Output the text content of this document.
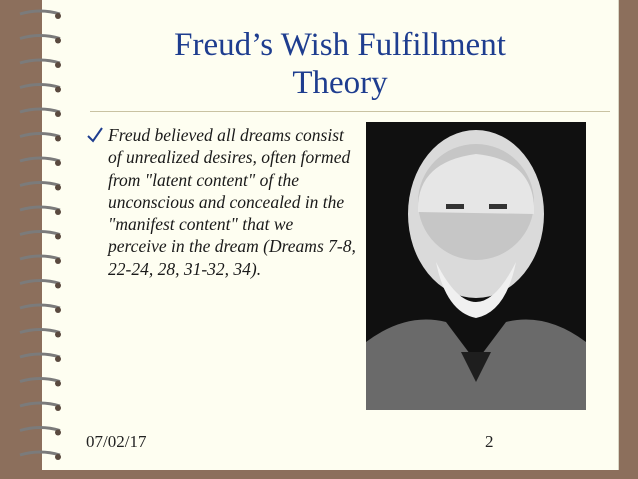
Freud’s Wish Fulfillment
Theory
Freud believed all dreams consist of unrealized desires, often formed from "latent content" of the unconscious and concealed in the "manifest content" that we perceive in the dream (Dreams 7-8, 22-24, 28, 31-32, 34).
07/02/17	2
